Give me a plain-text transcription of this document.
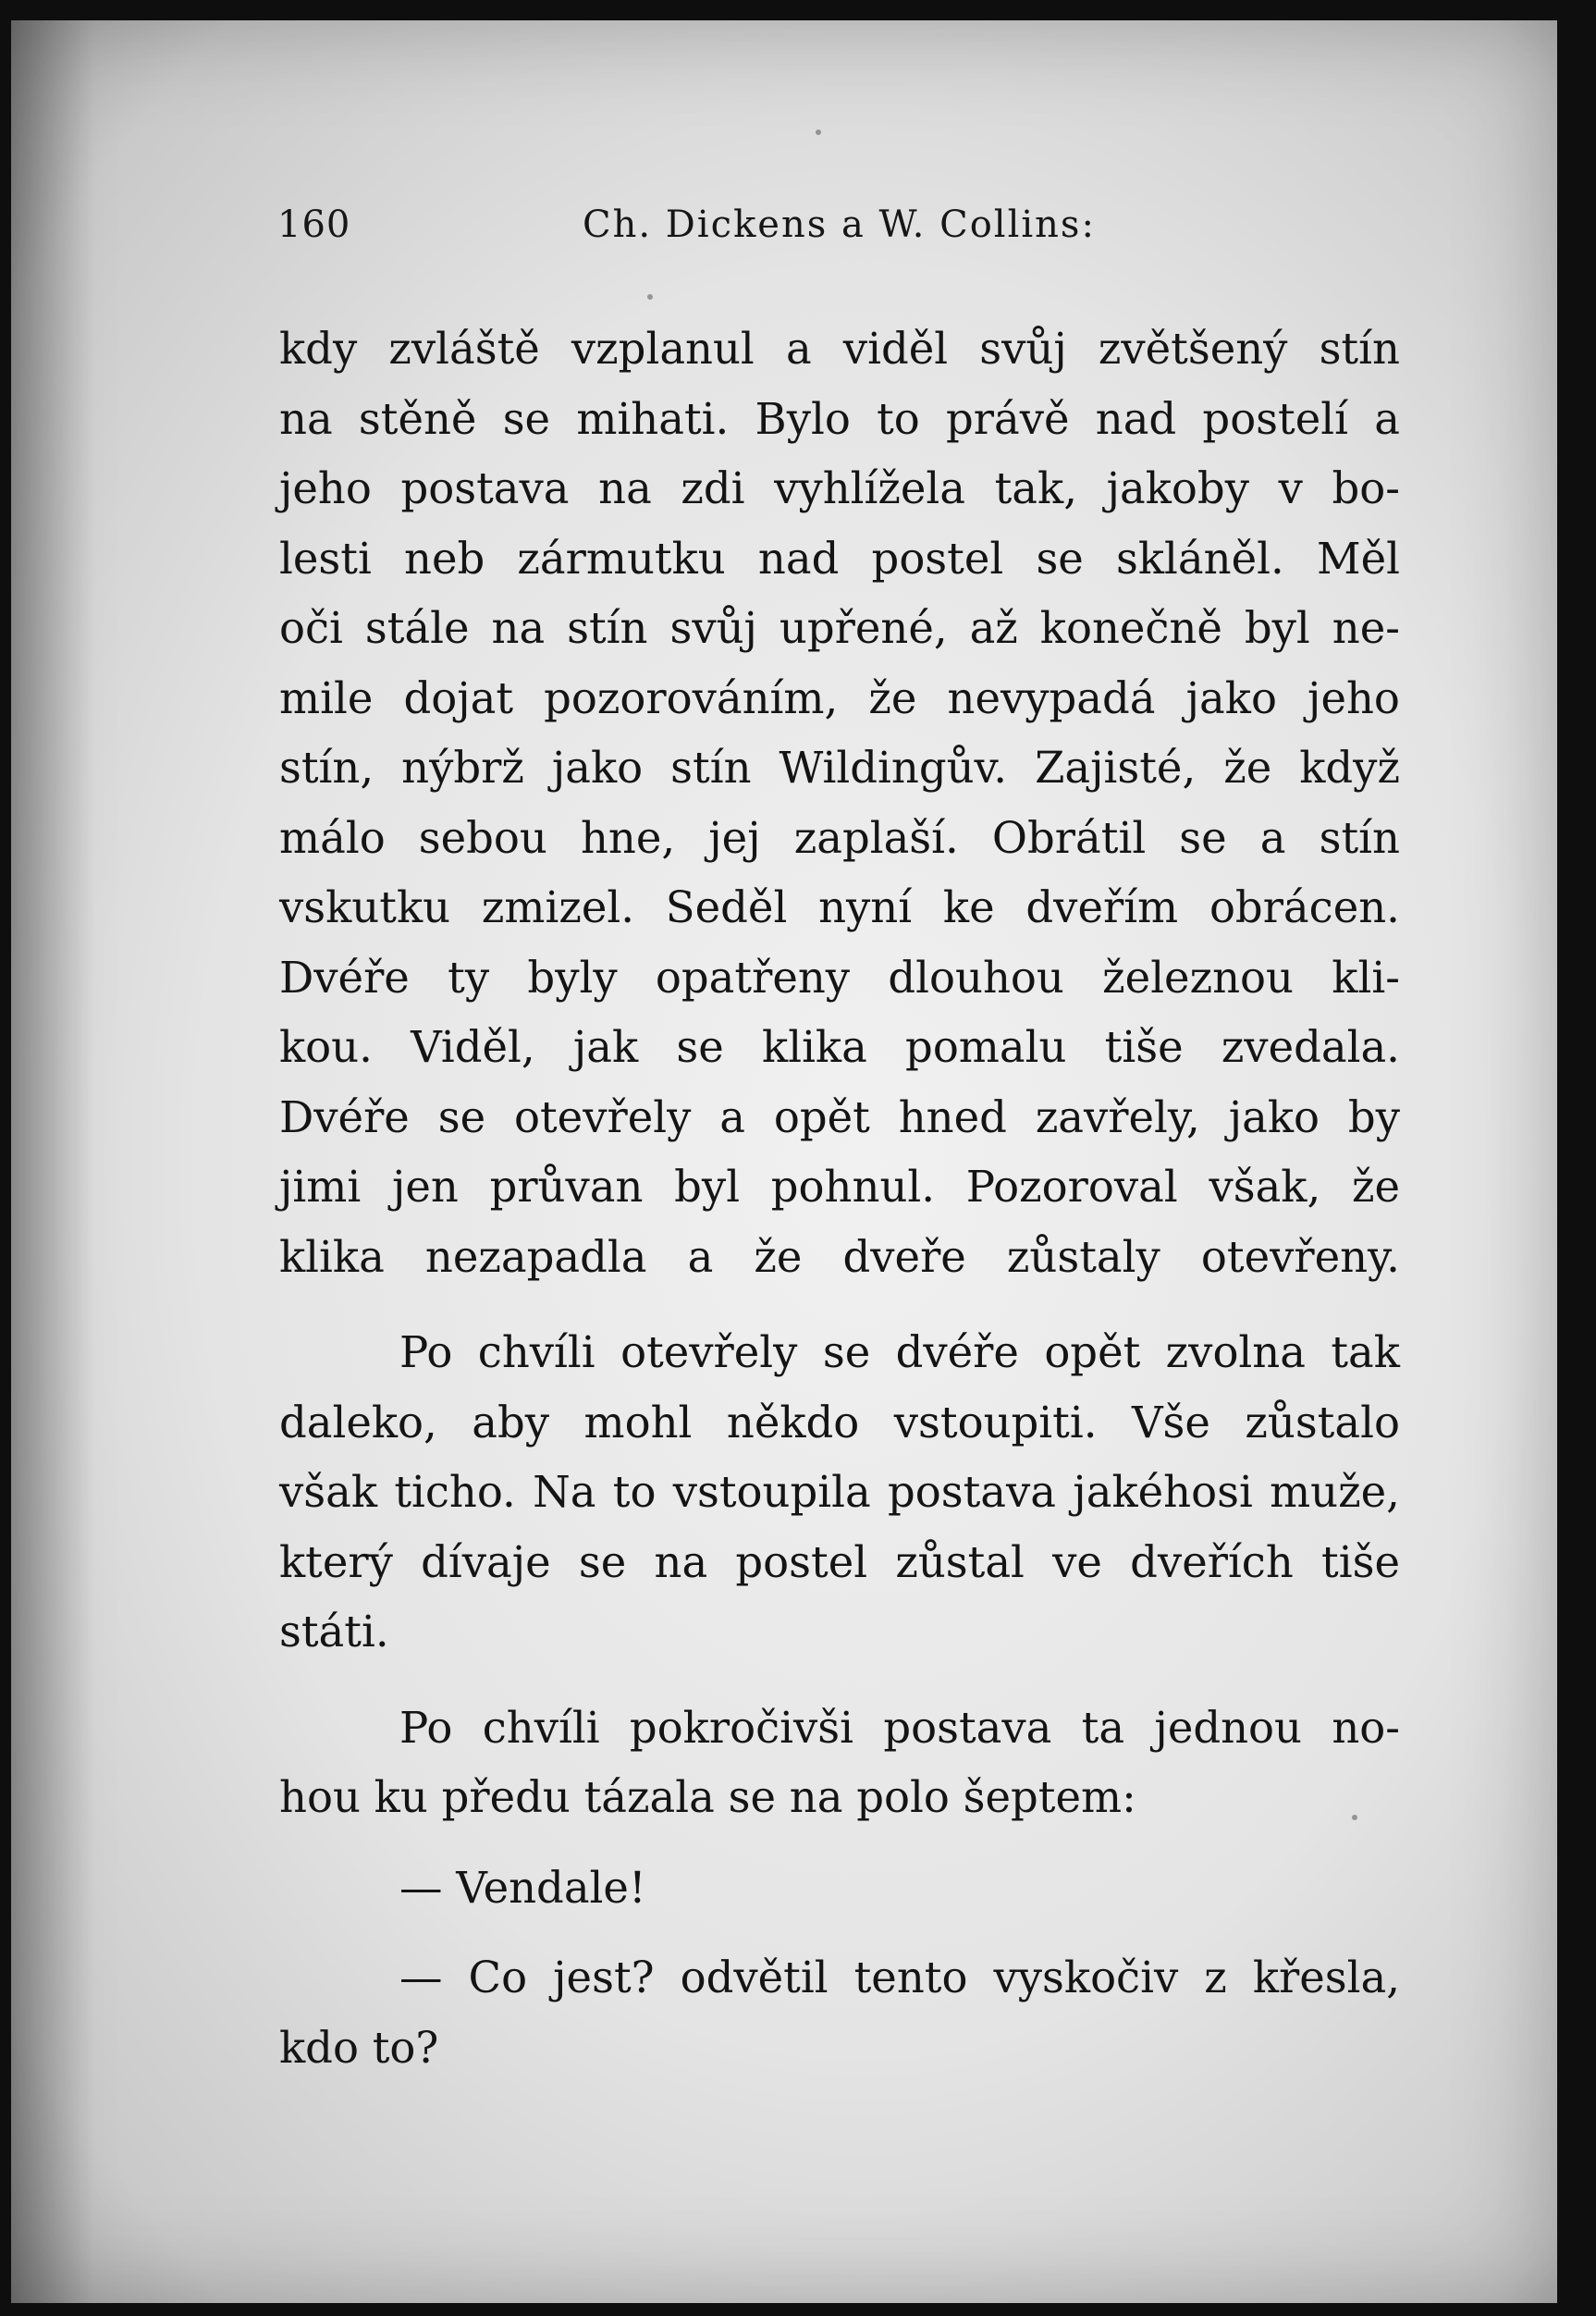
160	Ch. Dickens a W. Collins:
kdy zvláště vzplanul a viděl svůj zvětšený stín
na stěně se mihati. Bylo to právě nad postelí a
jeho postava na zdi vyhlížela tak, jakoby v bo-
lesti neb zármutku nad postel se skláněl. Měl
oči stále na stín svůj upřené, až konečně byl ne-
mile dojat pozorováním, že nevypadá jako jeho
stín, nýbrž jako stín Wildingův. Zajisté, že když
málo sebou hne, jej zaplaší. Obrátil se a stín
vskutku zmizel. Seděl nyní ke dveřím obrácen.
Dvéře ty byly opatřeny dlouhou železnou kli-
kou. Viděl, jak se klika pomalu tiše zvedala.
Dvéře se otevřely a opět hned zavřely, jako by
jimi jen průvan byl pohnul. Pozoroval však, že
klika nezapadla a že dveře zůstaly otevřeny.
Po chvíli otevřely se dvéře opět zvolna tak
daleko, aby mohl někdo vstoupiti. Vše zůstalo
však ticho. Na to vstoupila postava jakéhosi muže,
který dívaje se na postel zůstal ve dveřích tiše
státi.
Po chvíli pokročivši postava ta jednou no-
hou ku předu tázala se na polo šeptem:
— Vendale!
— Co jest? odvětil tento vyskočiv z křesla,
kdo to?
